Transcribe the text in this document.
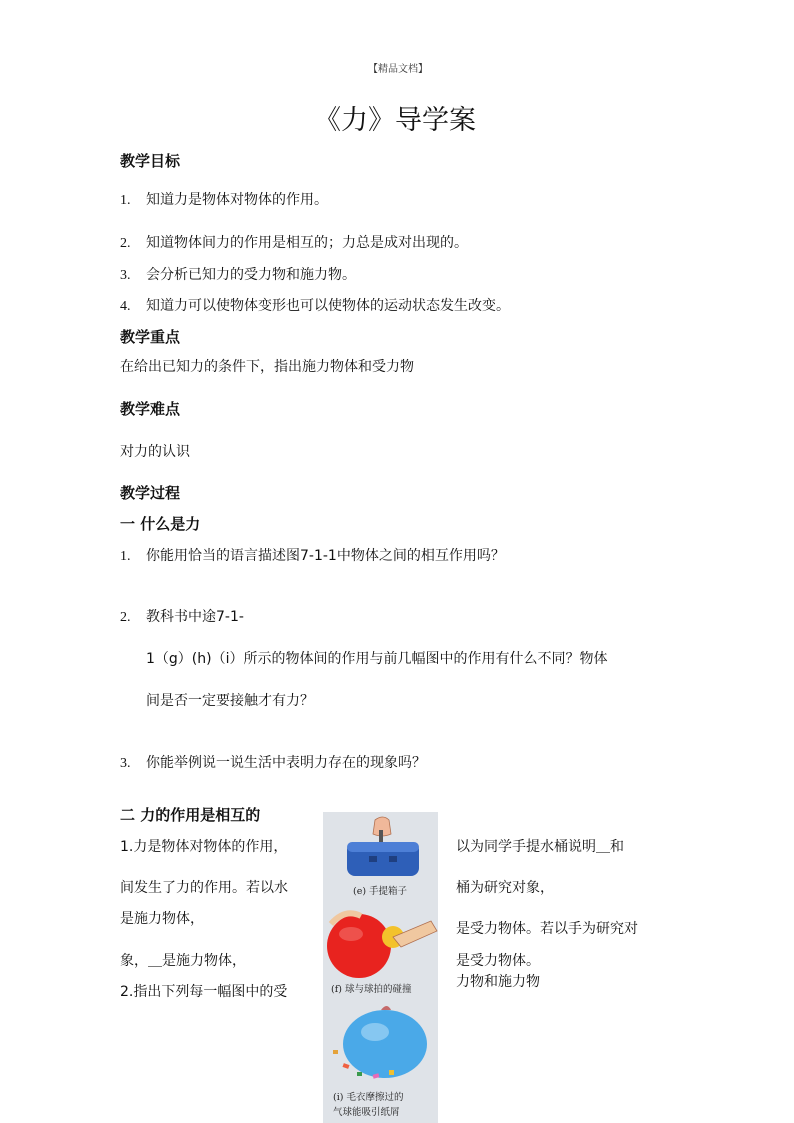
【精品文档】
《力》导学案
教学目标
1. 知道力是物体对物体的作用。
2. 知道物体间力的作用是相互的；力总是成对出现的。
3. 会分析已知力的受力物和施力物。
4. 知道力可以使物体变形也可以使物体的运动状态发生改变。
教学重点
在给出已知力的条件下，指出施力物体和受力物
教学难点
对力的认识
教学过程
一 什么是力
1. 你能用恰当的语言描述图7-1-1中物体之间的相互作用吗？
2. 教科书中途7-1-
1（g）(h)（i）所示的物体间的作用与前几幅图中的作用有什么不同？物体
间是否一定要接触才有力？
3. 你能举例说一说生活中表明力存在的现象吗？
二 力的作用是相互的
1.力是物体对物体的作用，
间发生了力的作用。若以水
是施力物体，
象，＿是施力物体，
2.指出下列每一幅图中的受
以为同学手提水桶说明＿和
桶为研究对象，
是受力物体。若以手为研究对
是受力物体。
力物和施力物
(e) 手提箱子
(f) 球与球拍的碰撞
(i) 毛衣摩擦过的
气球能吸引纸屑
